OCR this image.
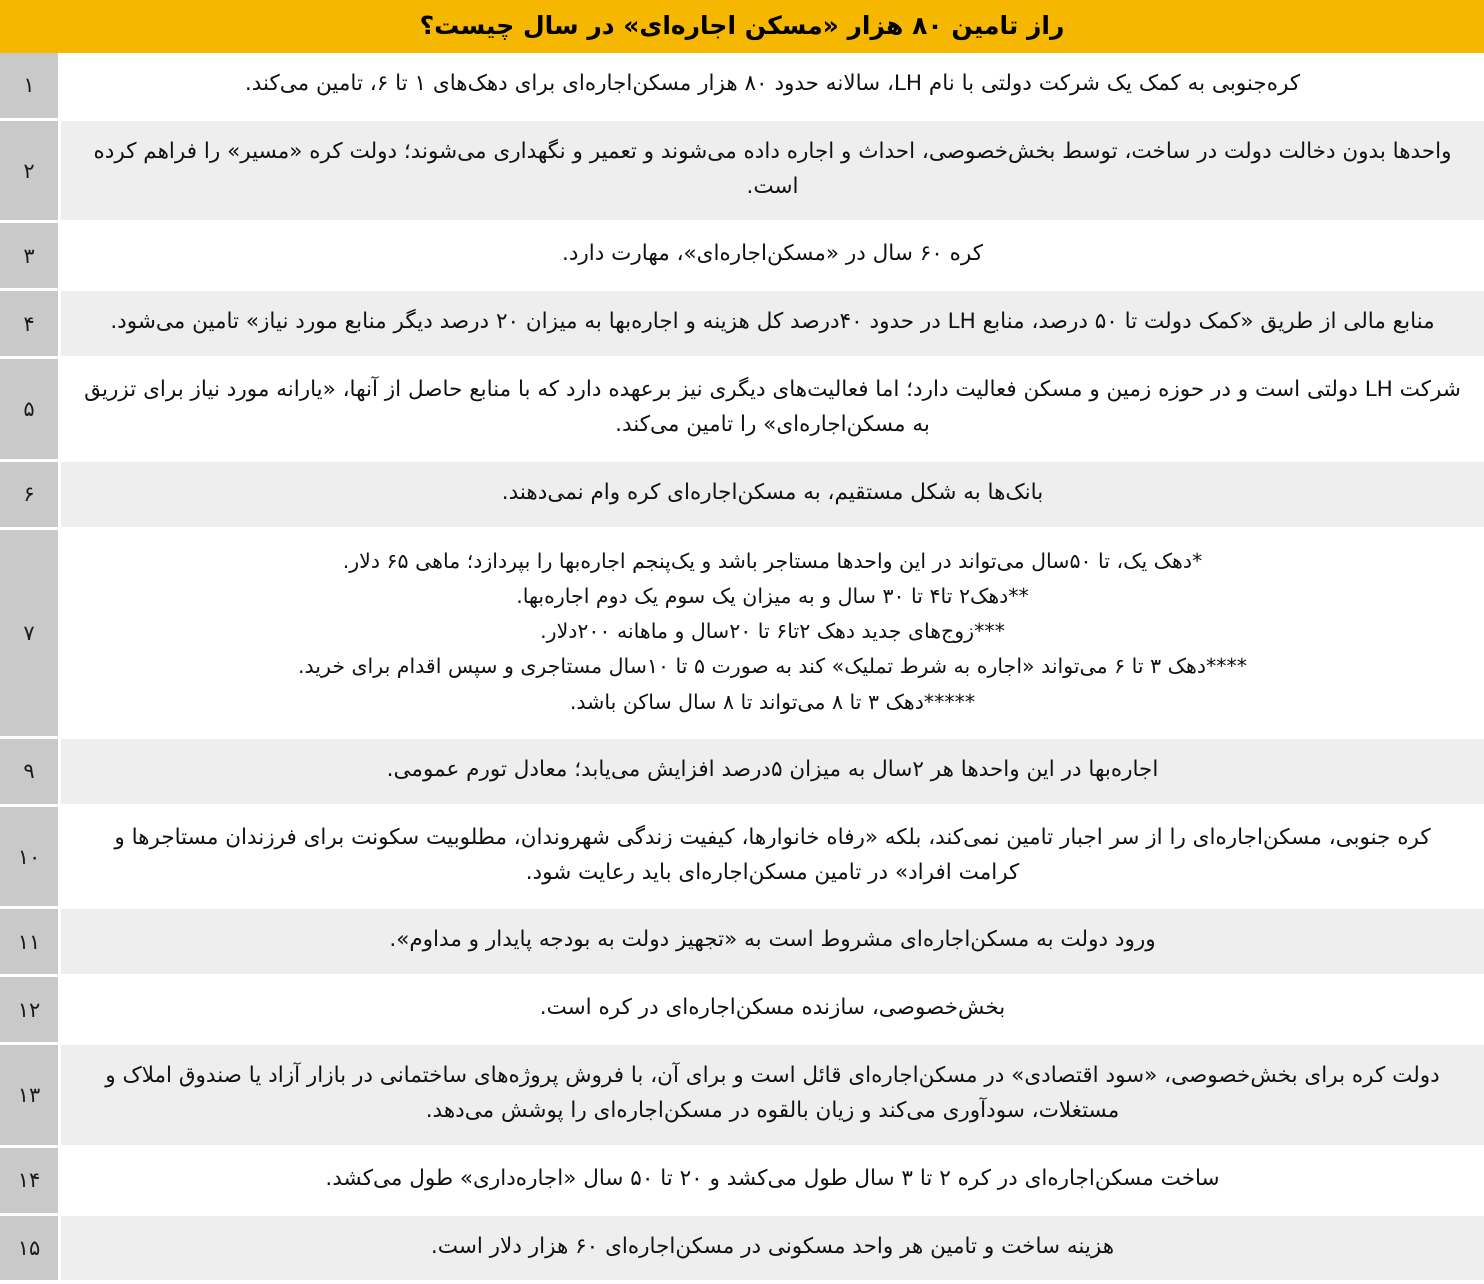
راز تامین ۸۰ هزار «مسکن اجاره‌ای» در سال چیست؟
کره‌جنوبی به کمک یک شرکت دولتی با نام LH، سالانه حدود ۸۰ هزار مسکن‌اجاره‌ای برای دهک‌های ۱ تا ۶، تامین می‌کند.	۱
واحدها بدون دخالت دولت در ساخت، توسط بخش‌خصوصی، احداث و اجاره داده می‌شوند و تعمیر و نگهداری می‌شوند؛ دولت کره «مسیر» را فراهم کرده است.	۲
کره ۶۰ سال در «مسکن‌اجاره‌ای»، مهارت دارد.	۳
منابع مالی از طریق «کمک دولت تا ۵۰ درصد، منابع LH در حدود ۴۰درصد کل هزینه و اجاره‌بها به میزان ۲۰ درصد دیگر منابع مورد نیاز» تامین می‌شود.	۴
شرکت LH دولتی است و در حوزه زمین و مسکن فعالیت دارد؛ اما فعالیت‌های دیگری نیز برعهده دارد که با منابع حاصل از آنها، «یارانه مورد نیاز برای تزریق به مسکن‌اجاره‌ای» را تامین می‌کند.	۵
بانک‌ها به شکل مستقیم، به مسکن‌اجاره‌ای کره وام نمی‌دهند.	۶

*دهک یک، تا ۵۰سال می‌تواند در این واحدها مستاجر باشد و یک‌پنجم اجاره‌بها را بپردازد؛ ماهی ۶۵ دلار.
**دهک۲ تا۴ تا ۳۰ سال و به میزان یک سوم یک دوم اجاره‌بها.
***زوج‌های جدید دهک ۲تا۶ تا ۲۰سال و ماهانه ۲۰۰دلار.
****دهک ۳ تا ۶ می‌تواند «اجاره به شرط تملیک» کند به صورت ۵ تا ۱۰سال مستاجری و سپس اقدام برای خرید.
*****دهک ۳ تا ۸ می‌تواند تا ۸ سال ساکن باشد.	۷
اجاره‌بها در این واحدها هر ۲سال به میزان ۵درصد افزایش می‌یابد؛ معادل تورم عمومی.	۹
کره جنوبی، مسکن‌اجاره‌ای را از سر اجبار تامین نمی‌کند، بلکه «رفاه خانوارها، کیفیت زندگی شهروندان، مطلوبیت سکونت برای فرزندان مستاجرها و کرامت افراد» در تامین مسکن‌اجاره‌ای باید رعایت شود.	۱۰
ورود دولت به مسکن‌اجاره‌ای مشروط است به «تجهیز دولت به بودجه پایدار و مداوم».	۱۱
بخش‌خصوصی، سازنده مسکن‌اجاره‌ای در کره است.	۱۲
دولت کره برای بخش‌خصوصی، «سود اقتصادی» در مسکن‌اجاره‌ای قائل است و برای آن، با فروش پروژه‌های ساختمانی در بازار آزاد یا صندوق املاک و مستغلات، سودآوری می‌کند و زیان بالقوه در مسکن‌اجاره‌ای را پوشش می‌دهد.	۱۳
ساخت مسکن‌اجاره‌ای در کره ۲ تا ۳ سال طول می‌کشد و ۲۰ تا ۵۰ سال «اجاره‌داری» طول می‌کشد.	۱۴
هزینه ساخت و تامین هر واحد مسکونی در مسکن‌اجاره‌ای ۶۰ هزار دلار است.	۱۵
